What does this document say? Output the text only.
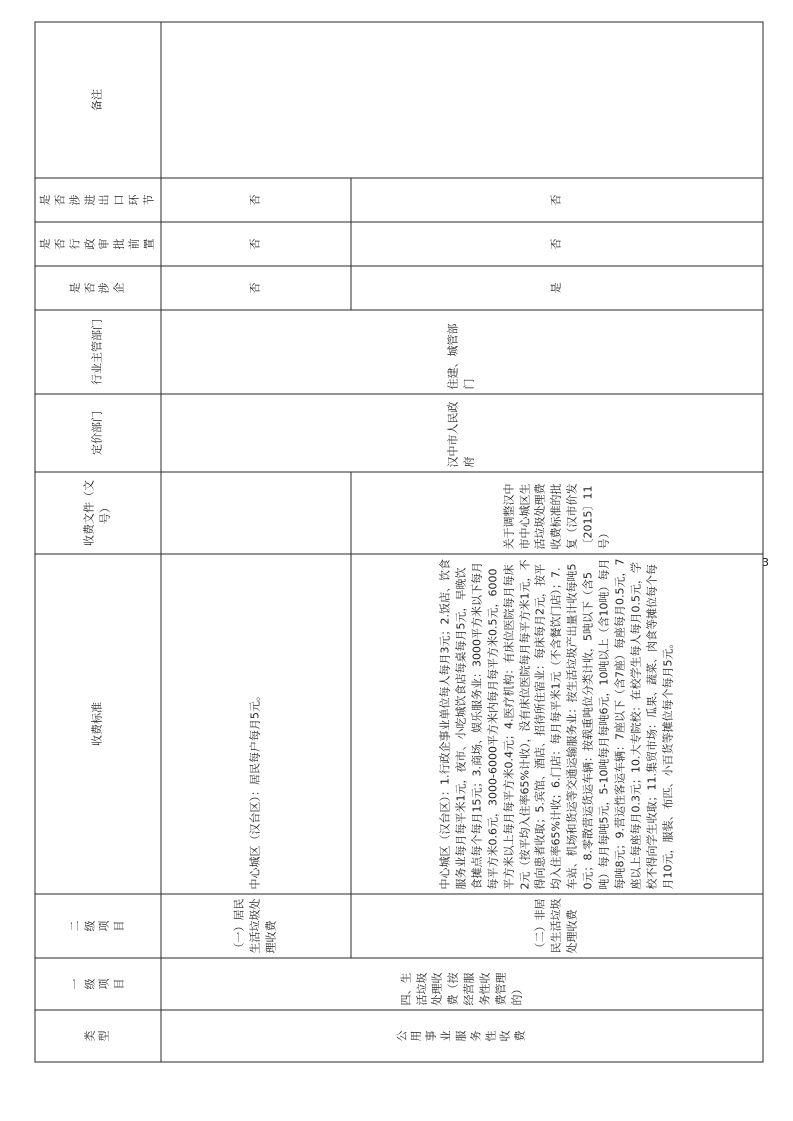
类型	一级项目	二级项目	收费标准	收费文件（文号）	定价部门	行业主管部门	是否涉企	是否行政审批前置	是否涉进出口环节	备注
公用事业服务性收费	四、生活垃圾处理收费（按经营服务性收费管理的）	（一）居民生活垃圾处理收费	中心城区（汉台区）：居民每户每月5元。		汉中市人民政府	住建、城管部门	否	否	否	
		（二）非居民生活垃圾处理收费	中心城区（汉台区）：1.行政企事业单位每人每月3元；2.饭店、饮食服务业每月每平米1元，夜市、小吃城饮食店每桌每月5元，早晚饮食摊点每个每月15元；3.商场、娱乐服务业：3000平方米以下每月每平方米0.6元，3000-6000平方米内每月每平方米0.5元，6000平方米以上每月每平方米0.4元；4.医疗机构：有床位医院每月每床2元（按平均入住率65%计收），没有床位医院每月每平方米1元，不得向患者收取；5.宾馆、酒店、招待所住宿业：每床每月2元，按平均入住率65%计收；6.门店：每月每平米1元（不含餐饮门店）；7.车站、机场和货运等交通运输服务业：按生活垃圾产出量计收每吨50元；8.零散营运货运车辆：按载重吨位分类计收，5吨以下（含5吨）每月每吨5元，5-10吨每月每吨6元，10吨以上（含10吨）每月每吨8元；9.营运性客运车辆：7座以下（含7座）每座每月0.5元，7座以上每座每月0.3元；10.大专院校：在校学生每人每月0.5元，学校不得向学生收取；11.集贸市场：瓜果、蔬菜、肉食等摊位每个每月10元，服装、布匹、小百货等摊位每个每月5元。	关于调整汉中市中心城区生活垃圾处理费收费标准的批复（汉市价发〔2015〕11号）			是	否	否	
3
